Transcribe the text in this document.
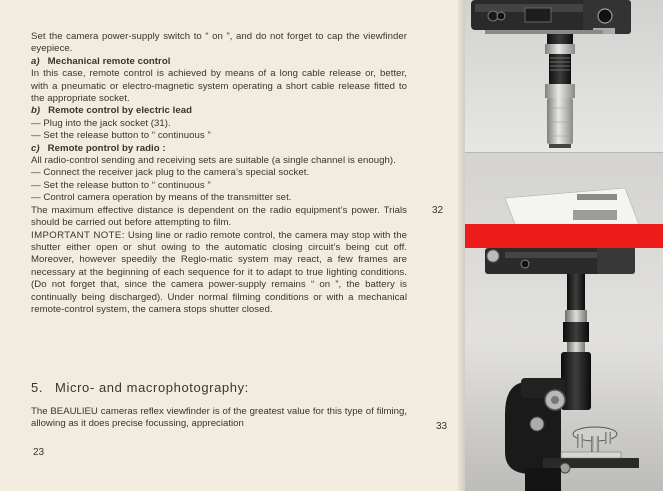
Set the camera power-supply switch to “ on ”, and do not forget to cap the viewfinder eyepiece.

a) Mechanical remote control

In this case, remote control is achieved by means of a long cable release or, better, with a pneumatic or electro-magnetic system operating a short cable release fitted to the appropriate socket.

b) Remote control by electric lead

— Plug into the jack socket (31).

— Set the release button to “ continuous ”

c) Remote pontrol by radio :

All radio-control sending and receiving sets are suitable (a single channel is enough).

— Connect the receiver jack plug to the camera’s special socket.

— Set the release button to “ continuous ”

— Control camera operation by means of the transmitter set.

The maximum effective distance is dependent on the radio equipment’s power. Trials should be carried out before attempting to film.

IMPORTANT NOTE: Using line or radio remote control, the camera may stop with the shutter either open or shut owing to the automatic closing circuit’s being cut off. Moreover, however speedily the Reglo-matic system may react, a few frames are necessary at the beginning of each sequence for it to adapt to true lighting conditions. (Do not forget that, since the camera power-supply remains “ on ”, the battery is continually being discharged). Under normal filming conditions or with a mechanical remote-control system, the camera stops shutter closed.

5. Micro- and macrophotography:

The BEAULIEU cameras reflex viewfinder is of the greatest value for this type of filming, allowing as it does precise focussing, appreciation

23
32
33
